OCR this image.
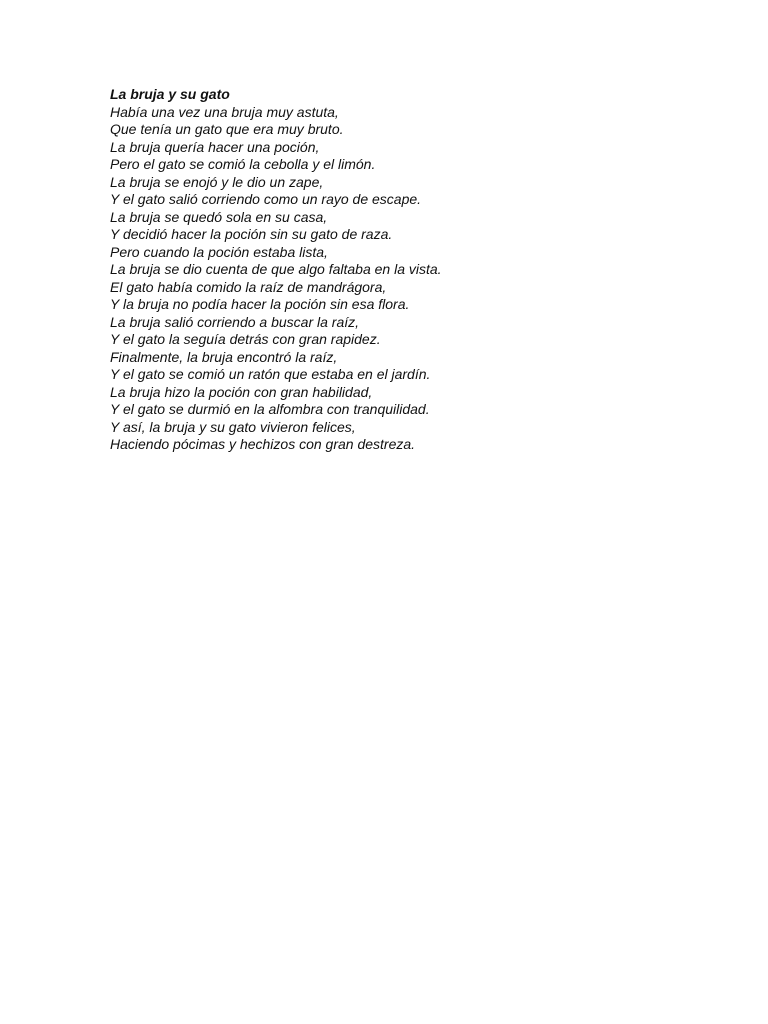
La bruja y su gato
Había una vez una bruja muy astuta,
Que tenía un gato que era muy bruto.
La bruja quería hacer una poción,
Pero el gato se comió la cebolla y el limón.
La bruja se enojó y le dio un zape,
Y el gato salió corriendo como un rayo de escape.
La bruja se quedó sola en su casa,
Y decidió hacer la poción sin su gato de raza.
Pero cuando la poción estaba lista,
La bruja se dio cuenta de que algo faltaba en la vista.
El gato había comido la raíz de mandrágora,
Y la bruja no podía hacer la poción sin esa flora.
La bruja salió corriendo a buscar la raíz,
Y el gato la seguía detrás con gran rapidez.
Finalmente, la bruja encontró la raíz,
Y el gato se comió un ratón que estaba en el jardín.
La bruja hizo la poción con gran habilidad,
Y el gato se durmió en la alfombra con tranquilidad.
Y así, la bruja y su gato vivieron felices,
Haciendo pócimas y hechizos con gran destreza.
